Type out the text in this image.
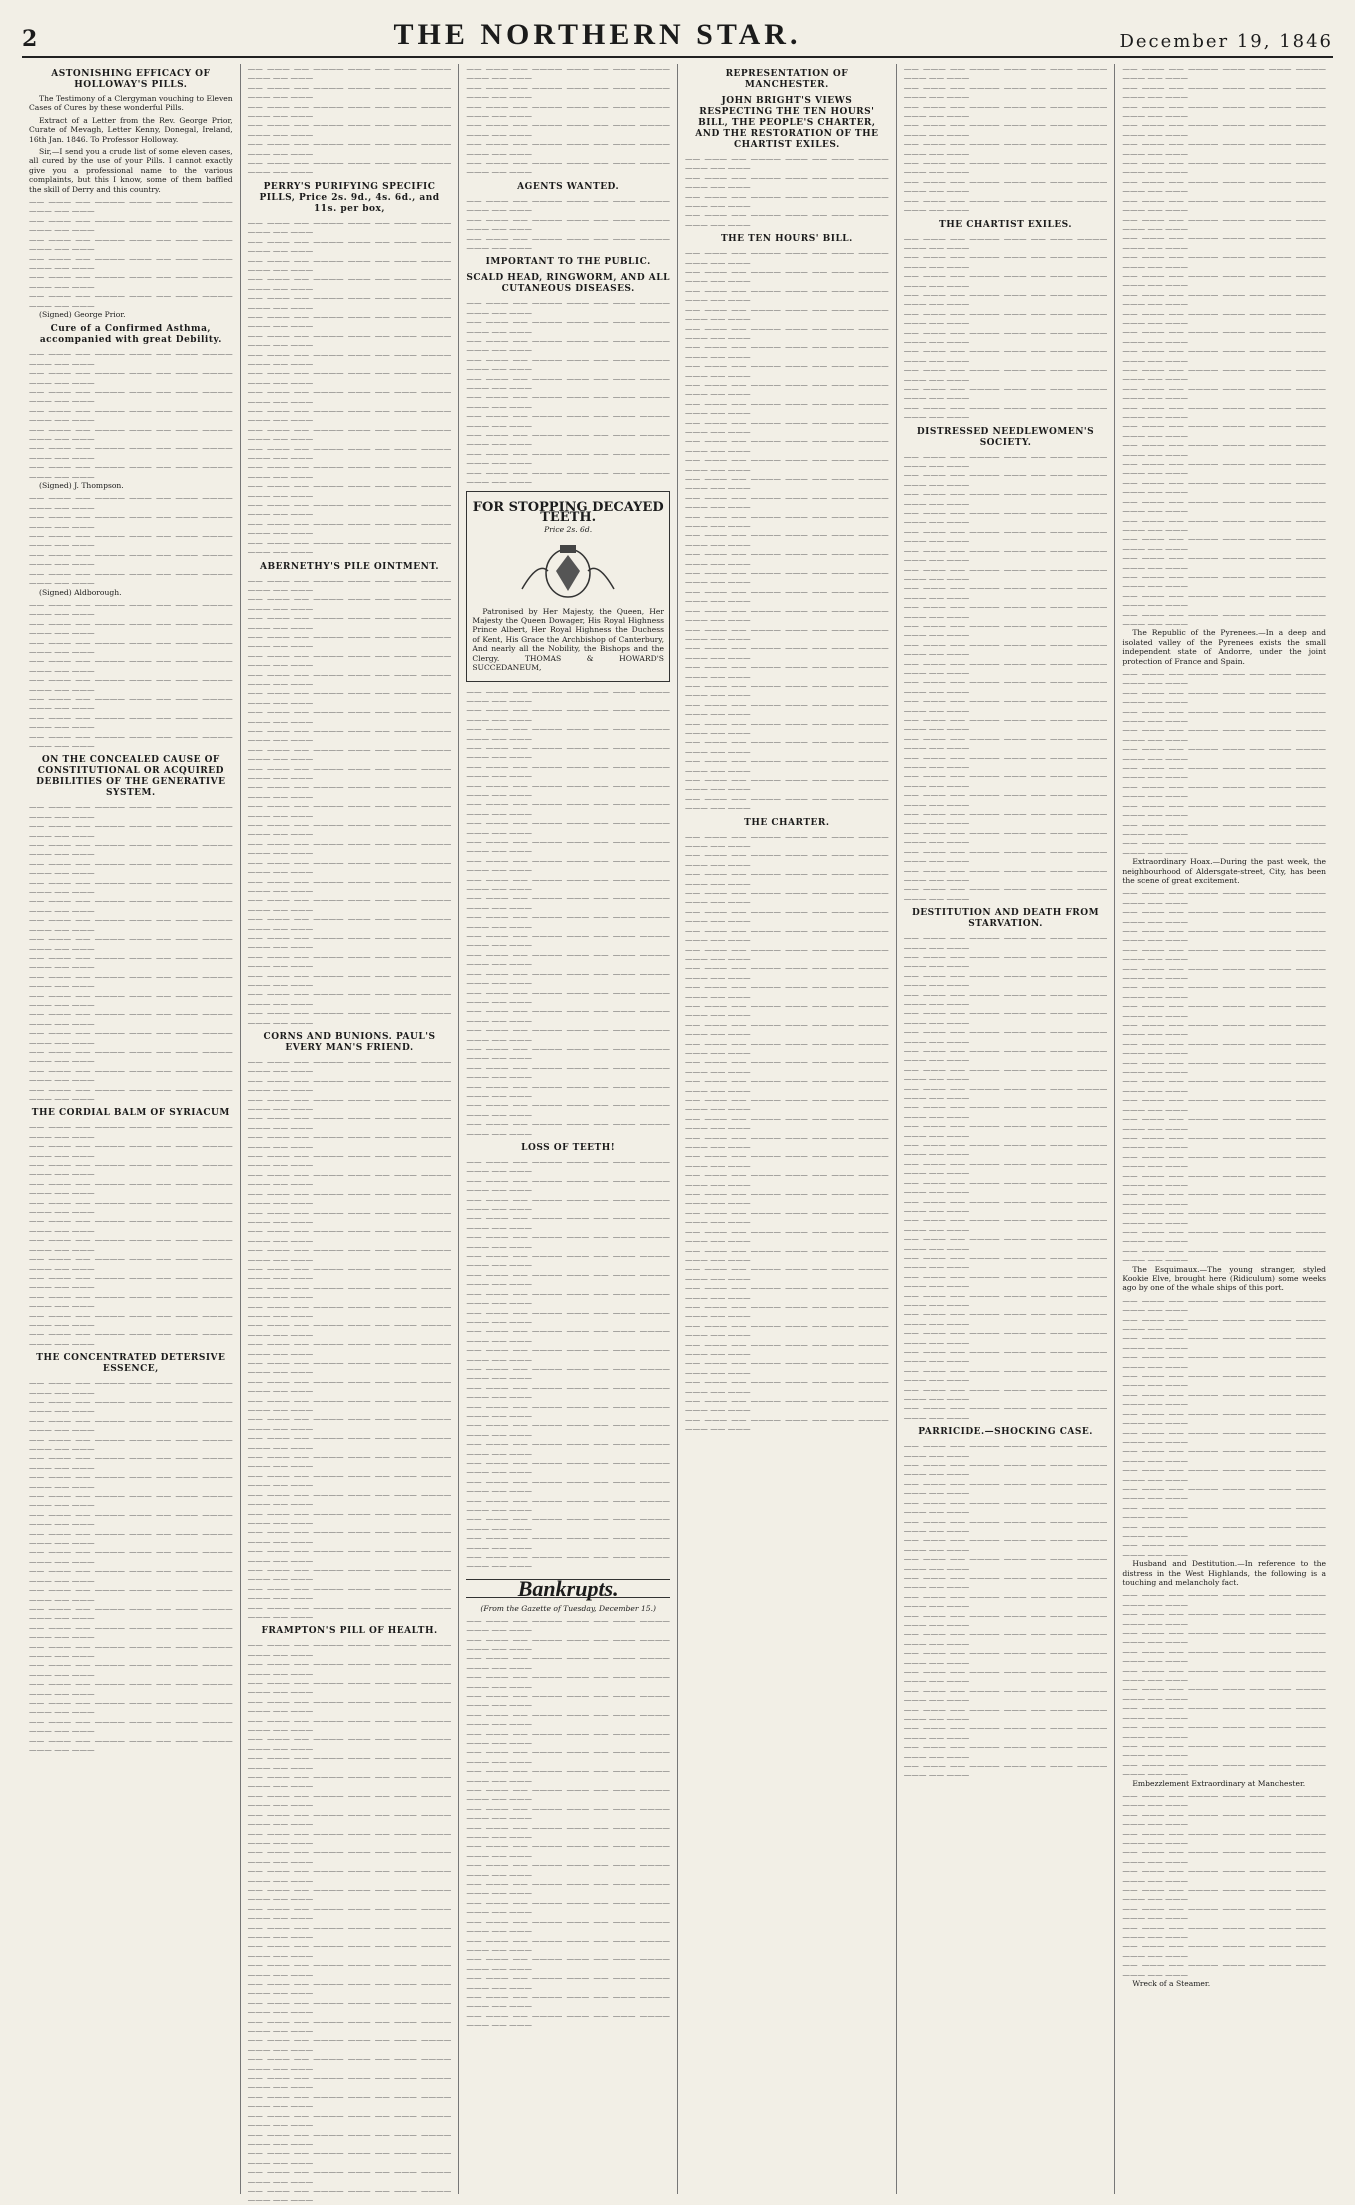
2	THE NORTHERN STAR.	December 19, 1846
ASTONISHING EFFICACY OF HOLLOWAY'S PILLS.

The Testimony of a Clergyman vouching to Eleven Cases of Cures by these wonderful Pills.

Extract of a Letter from the Rev. George Prior, Curate of Mevagh, Letter Kenny, Donegal, Ireland, 16th Jan. 1846. To Professor Holloway.

Sir,—I send you a crude list of some eleven cases, all cured by the use of your Pills. I cannot exactly give you a professional name to the various complaints, but this I know, some of them baffled the skill of Derry and this country.

—— ——— —— ———— ——— —— ——— ———— ——— —— ———
—— ——— —— ———— ——— —— ——— ———— ——— —— ———
—— ——— —— ———— ——— —— ——— ———— ——— —— ———
—— ——— —— ———— ——— —— ——— ———— ——— —— ———
—— ——— —— ———— ——— —— ——— ———— ——— —— ———
—— ——— —— ———— ——— —— ——— ———— ——— —— ———

(Signed) George Prior.

Cure of a Confirmed Asthma, accompanied with great Debility.
—— ——— —— ———— ——— —— ——— ———— ——— —— ———
—— ——— —— ———— ——— —— ——— ———— ——— —— ———
—— ——— —— ———— ——— —— ——— ———— ——— —— ———
—— ——— —— ———— ——— —— ——— ———— ——— —— ———
—— ——— —— ———— ——— —— ——— ———— ——— —— ———
—— ——— —— ———— ——— —— ——— ———— ——— —— ———
—— ——— —— ———— ——— —— ——— ———— ——— —— ———

(Signed) J. Thompson.

—— ——— —— ———— ——— —— ——— ———— ——— —— ———
—— ——— —— ———— ——— —— ——— ———— ——— —— ———
—— ——— —— ———— ——— —— ——— ———— ——— —— ———
—— ——— —— ———— ——— —— ——— ———— ——— —— ———
—— ——— —— ———— ——— —— ——— ———— ——— —— ———

(Signed) Aldborough.

—— ——— —— ———— ——— —— ——— ———— ——— —— ———
—— ——— —— ———— ——— —— ——— ———— ——— —— ———
—— ——— —— ———— ——— —— ——— ———— ——— —— ———
—— ——— —— ———— ——— —— ——— ———— ——— —— ———
—— ——— —— ———— ——— —— ——— ———— ——— —— ———
—— ——— —— ———— ——— —— ——— ———— ——— —— ———
—— ——— —— ———— ——— —— ——— ———— ——— —— ———
—— ——— —— ———— ——— —— ——— ———— ——— —— ———
ON THE CONCEALED CAUSE OF CONSTITUTIONAL OR ACQUIRED DEBILITIES OF THE GENERATIVE SYSTEM.
—— ——— —— ———— ——— —— ——— ———— ——— —— ———
—— ——— —— ———— ——— —— ——— ———— ——— —— ———
—— ——— —— ———— ——— —— ——— ———— ——— —— ———
—— ——— —— ———— ——— —— ——— ———— ——— —— ———
—— ——— —— ———— ——— —— ——— ———— ——— —— ———
—— ——— —— ———— ——— —— ——— ———— ——— —— ———
—— ——— —— ———— ——— —— ——— ———— ——— —— ———
—— ——— —— ———— ——— —— ——— ———— ——— —— ———
—— ——— —— ———— ——— —— ——— ———— ——— —— ———
—— ——— —— ———— ——— —— ——— ———— ——— —— ———
—— ——— —— ———— ——— —— ——— ———— ——— —— ———
—— ——— —— ———— ——— —— ——— ———— ——— —— ———
—— ——— —— ———— ——— —— ——— ———— ——— —— ———
—— ——— —— ———— ——— —— ——— ———— ——— —— ———
—— ——— —— ———— ——— —— ——— ———— ——— —— ———
—— ——— —— ———— ——— —— ——— ———— ——— —— ———
THE CORDIAL BALM OF SYRIACUM
—— ——— —— ———— ——— —— ——— ———— ——— —— ———
—— ——— —— ———— ——— —— ——— ———— ——— —— ———
—— ——— —— ———— ——— —— ——— ———— ——— —— ———
—— ——— —— ———— ——— —— ——— ———— ——— —— ———
—— ——— —— ———— ——— —— ——— ———— ——— —— ———
—— ——— —— ———— ——— —— ——— ———— ——— —— ———
—— ——— —— ———— ——— —— ——— ———— ——— —— ———
—— ——— —— ———— ——— —— ——— ———— ——— —— ———
—— ——— —— ———— ——— —— ——— ———— ——— —— ———
—— ——— —— ———— ——— —— ——— ———— ——— —— ———
—— ——— —— ———— ——— —— ——— ———— ——— —— ———
—— ——— —— ———— ——— —— ——— ———— ——— —— ———
THE CONCENTRATED DETERSIVE ESSENCE,
—— ——— —— ———— ——— —— ——— ———— ——— —— ———
—— ——— —— ———— ——— —— ——— ———— ——— —— ———
—— ——— —— ———— ——— —— ——— ———— ——— —— ———
—— ——— —— ———— ——— —— ——— ———— ——— —— ———
—— ——— —— ———— ——— —— ——— ———— ——— —— ———
—— ——— —— ———— ——— —— ——— ———— ——— —— ———
—— ——— —— ———— ——— —— ——— ———— ——— —— ———
—— ——— —— ———— ——— —— ——— ———— ——— —— ———
—— ——— —— ———— ——— —— ——— ———— ——— —— ———
—— ——— —— ———— ——— —— ——— ———— ——— —— ———
—— ——— —— ———— ——— —— ——— ———— ——— —— ———
—— ——— —— ———— ——— —— ——— ———— ——— —— ———
—— ——— —— ———— ——— —— ——— ———— ——— —— ———
—— ——— —— ———— ——— —— ——— ———— ——— —— ———
—— ——— —— ———— ——— —— ——— ———— ——— —— ———
—— ——— —— ———— ——— —— ——— ———— ——— —— ———
—— ——— —— ———— ——— —— ——— ———— ——— —— ———
—— ——— —— ———— ——— —— ——— ———— ——— —— ———
—— ——— —— ———— ——— —— ——— ———— ——— —— ———
—— ——— —— ———— ——— —— ——— ———— ——— —— ———
—— ——— —— ———— ——— —— ——— ———— ——— —— ———
—— ——— —— ———— ——— —— ——— ———— ——— —— ———
—— ——— —— ———— ——— —— ——— ———— ——— —— ———
—— ——— —— ———— ——— —— ——— ———— ——— —— ———
—— ——— —— ———— ——— —— ——— ———— ——— —— ———
—— ——— —— ———— ——— —— ——— ———— ——— —— ———
PERRY'S PURIFYING SPECIFIC PILLS, Price 2s. 9d., 4s. 6d., and 11s. per box,
—— ——— —— ———— ——— —— ——— ———— ——— —— ———
—— ——— —— ———— ——— —— ——— ———— ——— —— ———
—— ——— —— ———— ——— —— ——— ———— ——— —— ———
—— ——— —— ———— ——— —— ——— ———— ——— —— ———
—— ——— —— ———— ——— —— ——— ———— ——— —— ———
—— ——— —— ———— ——— —— ——— ———— ——— —— ———
—— ——— —— ———— ——— —— ——— ———— ——— —— ———
—— ——— —— ———— ——— —— ——— ———— ——— —— ———
—— ——— —— ———— ——— —— ——— ———— ——— —— ———
—— ——— —— ———— ——— —— ——— ———— ——— —— ———
—— ——— —— ———— ——— —— ——— ———— ——— —— ———
—— ——— —— ———— ——— —— ——— ———— ——— —— ———
—— ——— —— ———— ——— —— ——— ———— ——— —— ———
—— ——— —— ———— ——— —— ——— ———— ——— —— ———
—— ——— —— ———— ——— —— ——— ———— ——— —— ———
—— ——— —— ———— ——— —— ——— ———— ——— —— ———
—— ——— —— ———— ——— —— ——— ———— ——— —— ———
—— ——— —— ———— ——— —— ——— ———— ——— —— ———
ABERNETHY'S PILE OINTMENT.
—— ——— —— ———— ——— —— ——— ———— ——— —— ———
—— ——— —— ———— ——— —— ——— ———— ——— —— ———
—— ——— —— ———— ——— —— ——— ———— ——— —— ———
—— ——— —— ———— ——— —— ——— ———— ——— —— ———
—— ——— —— ———— ——— —— ——— ———— ——— —— ———
—— ——— —— ———— ——— —— ——— ———— ——— —— ———
—— ——— —— ———— ——— —— ——— ———— ——— —— ———
—— ——— —— ———— ——— —— ——— ———— ——— —— ———
—— ——— —— ———— ——— —— ——— ———— ——— —— ———
—— ——— —— ———— ——— —— ——— ———— ——— —— ———
—— ——— —— ———— ——— —— ——— ———— ——— —— ———
—— ——— —— ———— ——— —— ——— ———— ——— —— ———
—— ——— —— ———— ——— —— ——— ———— ——— —— ———
—— ——— —— ———— ——— —— ——— ———— ——— —— ———
—— ——— —— ———— ——— —— ——— ———— ——— —— ———
—— ——— —— ———— ——— —— ——— ———— ——— —— ———
—— ——— —— ———— ——— —— ——— ———— ——— —— ———
—— ——— —— ———— ——— —— ——— ———— ——— —— ———
—— ——— —— ———— ——— —— ——— ———— ——— —— ———
—— ——— —— ———— ——— —— ——— ———— ——— —— ———
—— ——— —— ———— ——— —— ——— ———— ——— —— ———
—— ——— —— ———— ——— —— ——— ———— ——— —— ———
—— ——— —— ———— ——— —— ——— ———— ——— —— ———
—— ——— —— ———— ——— —— ——— ———— ——— —— ———
CORNS AND BUNIONS. PAUL'S EVERY MAN'S FRIEND.
—— ——— —— ———— ——— —— ——— ———— ——— —— ———
—— ——— —— ———— ——— —— ——— ———— ——— —— ———
—— ——— —— ———— ——— —— ——— ———— ——— —— ———
—— ——— —— ———— ——— —— ——— ———— ——— —— ———
—— ——— —— ———— ——— —— ——— ———— ——— —— ———
—— ——— —— ———— ——— —— ——— ———— ——— —— ———
—— ——— —— ———— ——— —— ——— ———— ——— —— ———
—— ——— —— ———— ——— —— ——— ———— ——— —— ———
—— ——— —— ———— ——— —— ——— ———— ——— —— ———
—— ——— —— ———— ——— —— ——— ———— ——— —— ———
—— ——— —— ———— ——— —— ——— ———— ——— —— ———
—— ——— —— ———— ——— —— ——— ———— ——— —— ———
—— ——— —— ———— ——— —— ——— ———— ——— —— ———
—— ——— —— ———— ——— —— ——— ———— ——— —— ———
—— ——— —— ———— ——— —— ——— ———— ——— —— ———
—— ——— —— ———— ——— —— ——— ———— ——— —— ———
—— ——— —— ———— ——— —— ——— ———— ——— —— ———
—— ——— —— ———— ——— —— ——— ———— ——— —— ———
—— ——— —— ———— ——— —— ——— ———— ——— —— ———
—— ——— —— ———— ——— —— ——— ———— ——— —— ———
—— ——— —— ———— ——— —— ——— ———— ——— —— ———
—— ——— —— ———— ——— —— ——— ———— ——— —— ———
—— ——— —— ———— ——— —— ——— ———— ——— —— ———
—— ——— —— ———— ——— —— ——— ———— ——— —— ———
—— ——— —— ———— ——— —— ——— ———— ——— —— ———
—— ——— —— ———— ——— —— ——— ———— ——— —— ———
—— ——— —— ———— ——— —— ——— ———— ——— —— ———
—— ——— —— ———— ——— —— ——— ———— ——— —— ———
—— ——— —— ———— ——— —— ——— ———— ——— —— ———
—— ——— —— ———— ——— —— ——— ———— ——— —— ———
FRAMPTON'S PILL OF HEALTH.
—— ——— —— ———— ——— —— ——— ———— ——— —— ———
—— ——— —— ———— ——— —— ——— ———— ——— —— ———
—— ——— —— ———— ——— —— ——— ———— ——— —— ———
—— ——— —— ———— ——— —— ——— ———— ——— —— ———
—— ——— —— ———— ——— —— ——— ———— ——— —— ———
—— ——— —— ———— ——— —— ——— ———— ——— —— ———
—— ——— —— ———— ——— —— ——— ———— ——— —— ———
—— ——— —— ———— ——— —— ——— ———— ——— —— ———
—— ——— —— ———— ——— —— ——— ———— ——— —— ———
—— ——— —— ———— ——— —— ——— ———— ——— —— ———
—— ——— —— ———— ——— —— ——— ———— ——— —— ———
—— ——— —— ———— ——— —— ——— ———— ——— —— ———
—— ——— —— ———— ——— —— ——— ———— ——— —— ———
—— ——— —— ———— ——— —— ——— ———— ——— —— ———
—— ——— —— ———— ——— —— ——— ———— ——— —— ———
—— ——— —— ———— ——— —— ——— ———— ——— —— ———
—— ——— —— ———— ——— —— ——— ———— ——— —— ———
—— ——— —— ———— ——— —— ——— ———— ——— —— ———
—— ——— —— ———— ——— —— ——— ———— ——— —— ———
—— ——— —— ———— ——— —— ——— ———— ——— —— ———
—— ——— —— ———— ——— —— ——— ———— ——— —— ———
—— ——— —— ———— ——— —— ——— ———— ——— —— ———
—— ——— —— ———— ——— —— ——— ———— ——— —— ———
—— ——— —— ———— ——— —— ——— ———— ——— —— ———
—— ——— —— ———— ——— —— ——— ———— ——— —— ———
—— ——— —— ———— ——— —— ——— ———— ——— —— ———
—— ——— —— ———— ——— —— ——— ———— ——— —— ———
—— ——— —— ———— ——— —— ——— ———— ——— —— ———
—— ——— —— ———— ——— —— ——— ———— ——— —— ———
—— ——— —— ———— ——— —— ——— ———— ——— —— ———
—— ——— —— ———— ——— —— ——— ———— ——— —— ———
—— ——— —— ———— ——— —— ——— ———— ——— —— ———
—— ——— —— ———— ——— —— ——— ———— ——— —— ———
—— ——— —— ———— ——— —— ——— ———— ——— —— ———
—— ——— —— ———— ——— —— ——— ———— ——— —— ———
—— ——— —— ———— ——— —— ——— ———— ——— —— ———
AGENTS WANTED.
—— ——— —— ———— ——— —— ——— ———— ——— —— ———
—— ——— —— ———— ——— —— ——— ———— ——— —— ———
—— ——— —— ———— ——— —— ——— ———— ——— —— ———
IMPORTANT TO THE PUBLIC.
SCALD HEAD, RINGWORM, AND ALL CUTANEOUS DISEASES.
—— ——— —— ———— ——— —— ——— ———— ——— —— ———
—— ——— —— ———— ——— —— ——— ———— ——— —— ———
—— ——— —— ———— ——— —— ——— ———— ——— —— ———
—— ——— —— ———— ——— —— ——— ———— ——— —— ———
—— ——— —— ———— ——— —— ——— ———— ——— —— ———
—— ——— —— ———— ——— —— ——— ———— ——— —— ———
—— ——— —— ———— ——— —— ——— ———— ——— —— ———
—— ——— —— ———— ——— —— ——— ———— ——— —— ———
—— ——— —— ———— ——— —— ——— ———— ——— —— ———
—— ——— —— ———— ——— —— ——— ———— ——— —— ———
FOR STOPPING DECAYED TEETH.
Price 2s. 6d.

Patronised by Her Majesty, the Queen, Her Majesty the Queen Dowager, His Royal Highness Prince Albert, Her Royal Highness the Duchess of Kent, His Grace the Archbishop of Canterbury, And nearly all the Nobility, the Bishops and the Clergy. THOMAS & HOWARD'S SUCCEDANEUM,

—— ——— —— ———— ——— —— ——— ———— ——— —— ———
—— ——— —— ———— ——— —— ——— ———— ——— —— ———
—— ——— —— ———— ——— —— ——— ———— ——— —— ———
—— ——— —— ———— ——— —— ——— ———— ——— —— ———
—— ——— —— ———— ——— —— ——— ———— ——— —— ———
—— ——— —— ———— ——— —— ——— ———— ——— —— ———
—— ——— —— ———— ——— —— ——— ———— ——— —— ———
—— ——— —— ———— ——— —— ——— ———— ——— —— ———
—— ——— —— ———— ——— —— ——— ———— ——— —— ———
—— ——— —— ———— ——— —— ——— ———— ——— —— ———
—— ——— —— ———— ——— —— ——— ———— ——— —— ———
—— ——— —— ———— ——— —— ——— ———— ——— —— ———
—— ——— —— ———— ——— —— ——— ———— ——— —— ———
—— ——— —— ———— ——— —— ——— ———— ——— —— ———
—— ——— —— ———— ——— —— ——— ———— ——— —— ———
—— ——— —— ———— ——— —— ——— ———— ——— —— ———
—— ——— —— ———— ——— —— ——— ———— ——— —— ———
—— ——— —— ———— ——— —— ——— ———— ——— —— ———
—— ——— —— ———— ——— —— ——— ———— ——— —— ———
—— ——— —— ———— ——— —— ——— ———— ——— —— ———
—— ——— —— ———— ——— —— ——— ———— ——— —— ———
—— ——— —— ———— ——— —— ——— ———— ——— —— ———
—— ——— —— ———— ——— —— ——— ———— ——— —— ———
—— ——— —— ———— ——— —— ——— ———— ——— —— ———
LOSS OF TEETH!
—— ——— —— ———— ——— —— ——— ———— ——— —— ———
—— ——— —— ———— ——— —— ——— ———— ——— —— ———
—— ——— —— ———— ——— —— ——— ———— ——— —— ———
—— ——— —— ———— ——— —— ——— ———— ——— —— ———
—— ——— —— ———— ——— —— ——— ———— ——— —— ———
—— ——— —— ———— ——— —— ——— ———— ——— —— ———
—— ——— —— ———— ——— —— ——— ———— ——— —— ———
—— ——— —— ———— ——— —— ——— ———— ——— —— ———
—— ——— —— ———— ——— —— ——— ———— ——— —— ———
—— ——— —— ———— ——— —— ——— ———— ——— —— ———
—— ——— —— ———— ——— —— ——— ———— ——— —— ———
—— ——— —— ———— ——— —— ——— ———— ——— —— ———
—— ——— —— ———— ——— —— ——— ———— ——— —— ———
—— ——— —— ———— ——— —— ——— ———— ——— —— ———
—— ——— —— ———— ——— —— ——— ———— ——— —— ———
—— ——— —— ———— ——— —— ——— ———— ——— —— ———
—— ——— —— ———— ——— —— ——— ———— ——— —— ———
—— ——— —— ———— ——— —— ——— ———— ——— —— ———
—— ——— —— ———— ——— —— ——— ———— ——— —— ———
—— ——— —— ———— ——— —— ——— ———— ——— —— ———
—— ——— —— ———— ——— —— ——— ———— ——— —— ———
—— ——— —— ———— ——— —— ——— ———— ——— —— ———
Bankrupts.
(From the Gazette of Tuesday, December 15.)
—— ——— —— ———— ——— —— ——— ———— ——— —— ———
—— ——— —— ———— ——— —— ——— ———— ——— —— ———
—— ——— —— ———— ——— —— ——— ———— ——— —— ———
—— ——— —— ———— ——— —— ——— ———— ——— —— ———
—— ——— —— ———— ——— —— ——— ———— ——— —— ———
—— ——— —— ———— ——— —— ——— ———— ——— —— ———
—— ——— —— ———— ——— —— ——— ———— ——— —— ———
—— ——— —— ———— ——— —— ——— ———— ——— —— ———
—— ——— —— ———— ——— —— ——— ———— ——— —— ———
—— ——— —— ———— ——— —— ——— ———— ——— —— ———
—— ——— —— ———— ——— —— ——— ———— ——— —— ———
—— ——— —— ———— ——— —— ——— ———— ——— —— ———
—— ——— —— ———— ——— —— ——— ———— ——— —— ———
—— ——— —— ———— ——— —— ——— ———— ——— —— ———
—— ——— —— ———— ——— —— ——— ———— ——— —— ———
—— ——— —— ———— ——— —— ——— ———— ——— —— ———
—— ——— —— ———— ——— —— ——— ———— ——— —— ———
—— ——— —— ———— ——— —— ——— ———— ——— —— ———
—— ——— —— ———— ——— —— ——— ———— ——— —— ———
—— ——— —— ———— ——— —— ——— ———— ——— —— ———
—— ——— —— ———— ——— —— ——— ———— ——— —— ———
—— ——— —— ———— ——— —— ——— ———— ——— —— ———
REPRESENTATION OF MANCHESTER.
JOHN BRIGHT'S VIEWS RESPECTING THE TEN HOURS' BILL, THE PEOPLE'S CHARTER, AND THE RESTORATION OF THE CHARTIST EXILES.
—— ——— —— ———— ——— —— ——— ———— ——— —— ———
—— ——— —— ———— ——— —— ——— ———— ——— —— ———
—— ——— —— ———— ——— —— ——— ———— ——— —— ———
—— ——— —— ———— ——— —— ——— ———— ——— —— ———
THE TEN HOURS' BILL.
—— ——— —— ———— ——— —— ——— ———— ——— —— ———
—— ——— —— ———— ——— —— ——— ———— ——— —— ———
—— ——— —— ———— ——— —— ——— ———— ——— —— ———
—— ——— —— ———— ——— —— ——— ———— ——— —— ———
—— ——— —— ———— ——— —— ——— ———— ——— —— ———
—— ——— —— ———— ——— —— ——— ———— ——— —— ———
—— ——— —— ———— ——— —— ——— ———— ——— —— ———
—— ——— —— ———— ——— —— ——— ———— ——— —— ———
—— ——— —— ———— ——— —— ——— ———— ——— —— ———
—— ——— —— ———— ——— —— ——— ———— ——— —— ———
—— ——— —— ———— ——— —— ——— ———— ——— —— ———
—— ——— —— ———— ——— —— ——— ———— ——— —— ———
—— ——— —— ———— ——— —— ——— ———— ——— —— ———
—— ——— —— ———— ——— —— ——— ———— ——— —— ———
—— ——— —— ———— ——— —— ——— ———— ——— —— ———
—— ——— —— ———— ——— —— ——— ———— ——— —— ———
—— ——— —— ———— ——— —— ——— ———— ——— —— ———
—— ——— —— ———— ——— —— ——— ———— ——— —— ———
—— ——— —— ———— ——— —— ——— ———— ——— —— ———
—— ——— —— ———— ——— —— ——— ———— ——— —— ———
—— ——— —— ———— ——— —— ——— ———— ——— —— ———
—— ——— —— ———— ——— —— ——— ———— ——— —— ———
—— ——— —— ———— ——— —— ——— ———— ——— —— ———
—— ——— —— ———— ——— —— ——— ———— ——— —— ———
—— ——— —— ———— ——— —— ——— ———— ——— —— ———
—— ——— —— ———— ——— —— ——— ———— ——— —— ———
—— ——— —— ———— ——— —— ——— ———— ——— —— ———
—— ——— —— ———— ——— —— ——— ———— ——— —— ———
—— ——— —— ———— ——— —— ——— ———— ——— —— ———
—— ——— —— ———— ——— —— ——— ———— ——— —— ———
THE CHARTER.
—— ——— —— ———— ——— —— ——— ———— ——— —— ———
—— ——— —— ———— ——— —— ——— ———— ——— —— ———
—— ——— —— ———— ——— —— ——— ———— ——— —— ———
—— ——— —— ———— ——— —— ——— ———— ——— —— ———
—— ——— —— ———— ——— —— ——— ———— ——— —— ———
—— ——— —— ———— ——— —— ——— ———— ——— —— ———
—— ——— —— ———— ——— —— ——— ———— ——— —— ———
—— ——— —— ———— ——— —— ——— ———— ——— —— ———
—— ——— —— ———— ——— —— ——— ———— ——— —— ———
—— ——— —— ———— ——— —— ——— ———— ——— —— ———
—— ——— —— ———— ——— —— ——— ———— ——— —— ———
—— ——— —— ———— ——— —— ——— ———— ——— —— ———
—— ——— —— ———— ——— —— ——— ———— ——— —— ———
—— ——— —— ———— ——— —— ——— ———— ——— —— ———
—— ——— —— ———— ——— —— ——— ———— ——— —— ———
—— ——— —— ———— ——— —— ——— ———— ——— —— ———
—— ——— —— ———— ——— —— ——— ———— ——— —— ———
—— ——— —— ———— ——— —— ——— ———— ——— —— ———
—— ——— —— ———— ——— —— ——— ———— ——— —— ———
—— ——— —— ———— ——— —— ——— ———— ——— —— ———
—— ——— —— ———— ——— —— ——— ———— ——— —— ———
—— ——— —— ———— ——— —— ——— ———— ——— —— ———
—— ——— —— ———— ——— —— ——— ———— ——— —— ———
—— ——— —— ———— ——— —— ——— ———— ——— —— ———
—— ——— —— ———— ——— —— ——— ———— ——— —— ———
—— ——— —— ———— ——— —— ——— ———— ——— —— ———
—— ——— —— ———— ——— —— ——— ———— ——— —— ———
—— ——— —— ———— ——— —— ——— ———— ——— —— ———
—— ——— —— ———— ——— —— ——— ———— ——— —— ———
—— ——— —— ———— ——— —— ——— ———— ——— —— ———
—— ——— —— ———— ——— —— ——— ———— ——— —— ———
—— ——— —— ———— ——— —— ——— ———— ——— —— ———
—— ——— —— ———— ——— —— ——— ———— ——— —— ———
—— ——— —— ———— ——— —— ——— ———— ——— —— ———
—— ——— —— ———— ——— —— ——— ———— ——— —— ———
—— ——— —— ———— ——— —— ——— ———— ——— —— ———
—— ——— —— ———— ——— —— ——— ———— ——— —— ———
—— ——— —— ———— ——— —— ——— ———— ——— —— ———
—— ——— —— ———— ——— —— ——— ———— ——— —— ———
—— ——— —— ———— ——— —— ——— ———— ——— —— ———
THE CHARTIST EXILES.
—— ——— —— ———— ——— —— ——— ———— ——— —— ———
—— ——— —— ———— ——— —— ——— ———— ——— —— ———
—— ——— —— ———— ——— —— ——— ———— ——— —— ———
—— ——— —— ———— ——— —— ——— ———— ——— —— ———
—— ——— —— ———— ——— —— ——— ———— ——— —— ———
—— ——— —— ———— ——— —— ——— ———— ——— —— ———
—— ——— —— ———— ——— —— ——— ———— ——— —— ———
—— ——— —— ———— ——— —— ——— ———— ——— —— ———
—— ——— —— ———— ——— —— ——— ———— ——— —— ———
—— ——— —— ———— ——— —— ——— ———— ——— —— ———
DISTRESSED NEEDLEWOMEN'S SOCIETY.
—— ——— —— ———— ——— —— ——— ———— ——— —— ———
—— ——— —— ———— ——— —— ——— ———— ——— —— ———
—— ——— —— ———— ——— —— ——— ———— ——— —— ———
—— ——— —— ———— ——— —— ——— ———— ——— —— ———
—— ——— —— ———— ——— —— ——— ———— ——— —— ———
—— ——— —— ———— ——— —— ——— ———— ——— —— ———
—— ——— —— ———— ——— —— ——— ———— ——— —— ———
—— ——— —— ———— ——— —— ——— ———— ——— —— ———
—— ——— —— ———— ——— —— ——— ———— ——— —— ———
—— ——— —— ———— ——— —— ——— ———— ——— —— ———
—— ——— —— ———— ——— —— ——— ———— ——— —— ———
—— ——— —— ———— ——— —— ——— ———— ——— —— ———
—— ——— —— ———— ——— —— ——— ———— ——— —— ———
—— ——— —— ———— ——— —— ——— ———— ——— —— ———
—— ——— —— ———— ——— —— ——— ———— ——— —— ———
—— ——— —— ———— ——— —— ——— ———— ——— —— ———
—— ——— —— ———— ——— —— ——— ———— ——— —— ———
—— ——— —— ———— ——— —— ——— ———— ——— —— ———
—— ——— —— ———— ——— —— ——— ———— ——— —— ———
—— ——— —— ———— ——— —— ——— ———— ——— —— ———
—— ——— —— ———— ——— —— ——— ———— ——— —— ———
—— ——— —— ———— ——— —— ——— ———— ——— —— ———
—— ——— —— ———— ——— —— ——— ———— ——— —— ———
—— ——— —— ———— ——— —— ——— ———— ——— —— ———
DESTITUTION AND DEATH FROM STARVATION.
—— ——— —— ———— ——— —— ——— ———— ——— —— ———
—— ——— —— ———— ——— —— ——— ———— ——— —— ———
—— ——— —— ———— ——— —— ——— ———— ——— —— ———
—— ——— —— ———— ——— —— ——— ———— ——— —— ———
—— ——— —— ———— ——— —— ——— ———— ——— —— ———
—— ——— —— ———— ——— —— ——— ———— ——— —— ———
—— ——— —— ———— ——— —— ——— ———— ——— —— ———
—— ——— —— ———— ——— —— ——— ———— ——— —— ———
—— ——— —— ———— ——— —— ——— ———— ——— —— ———
—— ——— —— ———— ——— —— ——— ———— ——— —— ———
—— ——— —— ———— ——— —— ——— ———— ——— —— ———
—— ——— —— ———— ——— —— ——— ———— ——— —— ———
—— ——— —— ———— ——— —— ——— ———— ——— —— ———
—— ——— —— ———— ——— —— ——— ———— ——— —— ———
—— ——— —— ———— ——— —— ——— ———— ——— —— ———
—— ——— —— ———— ——— —— ——— ———— ——— —— ———
—— ——— —— ———— ——— —— ——— ———— ——— —— ———
—— ——— —— ———— ——— —— ——— ———— ——— —— ———
—— ——— —— ———— ——— —— ——— ———— ——— —— ———
—— ——— —— ———— ——— —— ——— ———— ——— —— ———
—— ——— —— ———— ——— —— ——— ———— ——— —— ———
—— ——— —— ———— ——— —— ——— ———— ——— —— ———
—— ——— —— ———— ——— —— ——— ———— ——— —— ———
—— ——— —— ———— ——— —— ——— ———— ——— —— ———
—— ——— —— ———— ——— —— ——— ———— ——— —— ———
—— ——— —— ———— ——— —— ——— ———— ——— —— ———
PARRICIDE.—SHOCKING CASE.
—— ——— —— ———— ——— —— ——— ———— ——— —— ———
—— ——— —— ———— ——— —— ——— ———— ——— —— ———
—— ——— —— ———— ——— —— ——— ———— ——— —— ———
—— ——— —— ———— ——— —— ——— ———— ——— —— ———
—— ——— —— ———— ——— —— ——— ———— ——— —— ———
—— ——— —— ———— ——— —— ——— ———— ——— —— ———
—— ——— —— ———— ——— —— ——— ———— ——— —— ———
—— ——— —— ———— ——— —— ——— ———— ——— —— ———
—— ——— —— ———— ——— —— ——— ———— ——— —— ———
—— ——— —— ———— ——— —— ——— ———— ——— —— ———
—— ——— —— ———— ——— —— ——— ———— ——— —— ———
—— ——— —— ———— ——— —— ——— ———— ——— —— ———
—— ——— —— ———— ——— —— ——— ———— ——— —— ———
—— ——— —— ———— ——— —— ——— ———— ——— —— ———
—— ——— —— ———— ——— —— ——— ———— ——— —— ———
—— ——— —— ———— ——— —— ——— ———— ——— —— ———
—— ——— —— ———— ——— —— ——— ———— ——— —— ———
—— ——— —— ———— ——— —— ——— ———— ——— —— ———
—— ——— —— ———— ——— —— ——— ———— ——— —— ———
—— ——— —— ———— ——— —— ——— ———— ——— —— ———
—— ——— —— ———— ——— —— ——— ———— ——— —— ———
—— ——— —— ———— ——— —— ——— ———— ——— —— ———
—— ——— —— ———— ——— —— ——— ———— ——— —— ———
—— ——— —— ———— ——— —— ——— ———— ——— —— ———
—— ——— —— ———— ——— —— ——— ———— ——— —— ———
—— ——— —— ———— ——— —— ——— ———— ——— —— ———
—— ——— —— ———— ——— —— ——— ———— ——— —— ———
—— ——— —— ———— ——— —— ——— ———— ——— —— ———
—— ——— —— ———— ——— —— ——— ———— ——— —— ———
—— ——— —— ———— ——— —— ——— ———— ——— —— ———
—— ——— —— ———— ——— —— ——— ———— ——— —— ———
—— ——— —— ———— ——— —— ——— ———— ——— —— ———
—— ——— —— ———— ——— —— ——— ———— ——— —— ———
—— ——— —— ———— ——— —— ——— ———— ——— —— ———
—— ——— —— ———— ——— —— ——— ———— ——— —— ———
—— ——— —— ———— ——— —— ——— ———— ——— —— ———
—— ——— —— ———— ——— —— ——— ———— ——— —— ———
—— ——— —— ———— ——— —— ——— ———— ——— —— ———
—— ——— —— ———— ——— —— ——— ———— ——— —— ———
—— ——— —— ———— ——— —— ——— ———— ——— —— ———
—— ——— —— ———— ——— —— ——— ———— ——— —— ———
—— ——— —— ———— ——— —— ——— ———— ——— —— ———
—— ——— —— ———— ——— —— ——— ———— ——— —— ———
—— ——— —— ———— ——— —— ——— ———— ——— —— ———
—— ——— —— ———— ——— —— ——— ———— ——— —— ———
—— ——— —— ———— ——— —— ——— ———— ——— —— ———
—— ——— —— ———— ——— —— ——— ———— ——— —— ———
—— ——— —— ———— ——— —— ——— ———— ——— —— ———

The Republic of the Pyrenees.—In a deep and isolated valley of the Pyrenees exists the small independent state of Andorre, under the joint protection of France and Spain.

—— ——— —— ———— ——— —— ——— ———— ——— —— ———
—— ——— —— ———— ——— —— ——— ———— ——— —— ———
—— ——— —— ———— ——— —— ——— ———— ——— —— ———
—— ——— —— ———— ——— —— ——— ———— ——— —— ———
—— ——— —— ———— ——— —— ——— ———— ——— —— ———
—— ——— —— ———— ——— —— ——— ———— ——— —— ———
—— ——— —— ———— ——— —— ——— ———— ——— —— ———
—— ——— —— ———— ——— —— ——— ———— ——— —— ———
—— ——— —— ———— ——— —— ——— ———— ——— —— ———
—— ——— —— ———— ——— —— ——— ———— ——— —— ———

Extraordinary Hoax.—During the past week, the neighbourhood of Aldersgate-street, City, has been the scene of great excitement.

—— ——— —— ———— ——— —— ——— ———— ——— —— ———
—— ——— —— ———— ——— —— ——— ———— ——— —— ———
—— ——— —— ———— ——— —— ——— ———— ——— —— ———
—— ——— —— ———— ——— —— ——— ———— ——— —— ———
—— ——— —— ———— ——— —— ——— ———— ——— —— ———
—— ——— —— ———— ——— —— ——— ———— ——— —— ———
—— ——— —— ———— ——— —— ——— ———— ——— —— ———
—— ——— —— ———— ——— —— ——— ———— ——— —— ———
—— ——— —— ———— ——— —— ——— ———— ——— —— ———
—— ——— —— ———— ——— —— ——— ———— ——— —— ———
—— ——— —— ———— ——— —— ——— ———— ——— —— ———
—— ——— —— ———— ——— —— ——— ———— ——— —— ———
—— ——— —— ———— ——— —— ——— ———— ——— —— ———
—— ——— —— ———— ——— —— ——— ———— ——— —— ———
—— ——— —— ———— ——— —— ——— ———— ——— —— ———
—— ——— —— ———— ——— —— ——— ———— ——— —— ———
—— ——— —— ———— ——— —— ——— ———— ——— —— ———
—— ——— —— ———— ——— —— ——— ———— ——— —— ———
—— ——— —— ———— ——— —— ——— ———— ——— —— ———
—— ——— —— ———— ——— —— ——— ———— ——— —— ———

The Esquimaux.—The young stranger, styled Kookie Elve, brought here (Ridiculum) some weeks ago by one of the whale ships of this port.

—— ——— —— ———— ——— —— ——— ———— ——— —— ———
—— ——— —— ———— ——— —— ——— ———— ——— —— ———
—— ——— —— ———— ——— —— ——— ———— ——— —— ———
—— ——— —— ———— ——— —— ——— ———— ——— —— ———
—— ——— —— ———— ——— —— ——— ———— ——— —— ———
—— ——— —— ———— ——— —— ——— ———— ——— —— ———
—— ——— —— ———— ——— —— ——— ———— ——— —— ———
—— ——— —— ———— ——— —— ——— ———— ——— —— ———
—— ——— —— ———— ——— —— ——— ———— ——— —— ———
—— ——— —— ———— ——— —— ——— ———— ——— —— ———
—— ——— —— ———— ——— —— ——— ———— ——— —— ———
—— ——— —— ———— ——— —— ——— ———— ——— —— ———
—— ——— —— ———— ——— —— ——— ———— ——— —— ———
—— ——— —— ———— ——— —— ——— ———— ——— —— ———

Husband and Destitution.—In reference to the distress in the West Highlands, the following is a touching and melancholy fact.

—— ——— —— ———— ——— —— ——— ———— ——— —— ———
—— ——— —— ———— ——— —— ——— ———— ——— —— ———
—— ——— —— ———— ——— —— ——— ———— ——— —— ———
—— ——— —— ———— ——— —— ——— ———— ——— —— ———
—— ——— —— ———— ——— —— ——— ———— ——— —— ———
—— ——— —— ———— ——— —— ——— ———— ——— —— ———
—— ——— —— ———— ——— —— ——— ———— ——— —— ———
—— ——— —— ———— ——— —— ——— ———— ——— —— ———
—— ——— —— ———— ——— —— ——— ———— ——— —— ———
—— ——— —— ———— ——— —— ——— ———— ——— —— ———

Embezzlement Extraordinary at Manchester.

—— ——— —— ———— ——— —— ——— ———— ——— —— ———
—— ——— —— ———— ——— —— ——— ———— ——— —— ———
—— ——— —— ———— ——— —— ——— ———— ——— —— ———
—— ——— —— ———— ——— —— ——— ———— ——— —— ———
—— ——— —— ———— ——— —— ——— ———— ——— —— ———
—— ——— —— ———— ——— —— ——— ———— ——— —— ———
—— ——— —— ———— ——— —— ——— ———— ——— —— ———
—— ——— —— ———— ——— —— ——— ———— ——— —— ———
—— ——— —— ———— ——— —— ——— ———— ——— —— ———
—— ——— —— ———— ——— —— ——— ———— ——— —— ———

Wreck of a Steamer.
